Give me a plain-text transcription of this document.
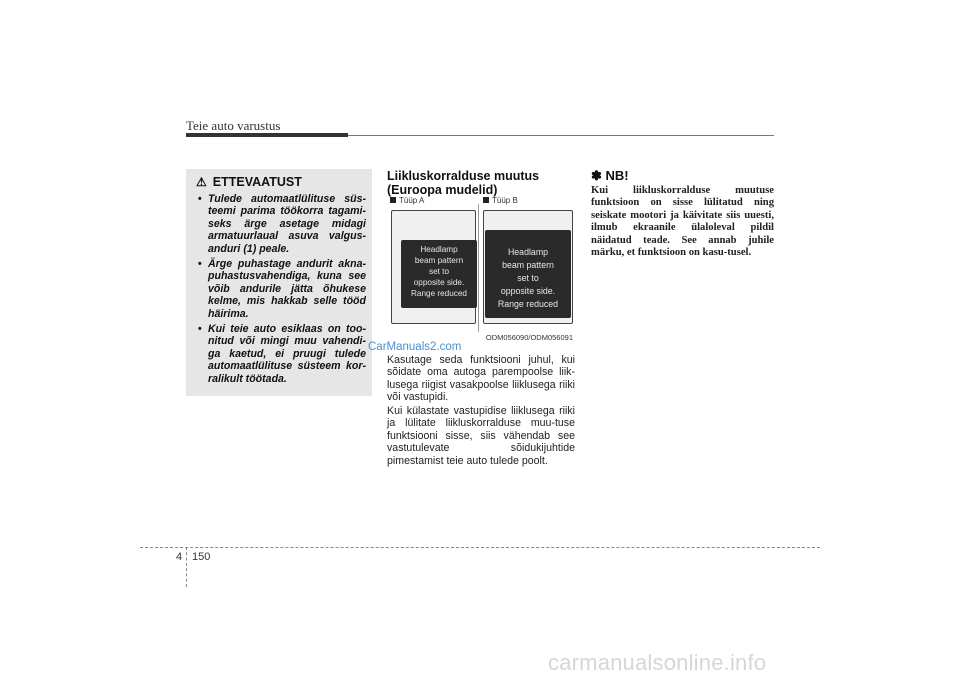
Teie auto varustus
⚠ ETTEVAATUST
• Tulede automaatlülituse süs-teemi parima töökorra tagami-seks ärge asetage midagi armatuurlaual asuva valgus-anduri (1) peale.
• Ärge puhastage andurit akna-puhastusvahendiga, kuna see võib andurile jätta õhukese kelme, mis hakkab selle tööd häirima.
• Kui teie auto esiklaas on too-nitud või mingi muu vahendi-ga kaetud, ei pruugi tulede automaatlülituse süsteem kor-ralikult töötada.
Liikluskorralduse muutus (Euroopa mudelid)
Tüüp A	Tüüp B
Headlamp
beam pattern
set to
opposite side.
Range reduced
Headlamp
beam pattern
set to
opposite side.
Range reduced
ODM056090/ODM056091
CarManuals2.com
Kasutage seda funktsiooni juhul, kui sõidate oma autoga parempoolse liik-lusega riigist vasakpoolse liiklusega riiki või vastupidi.
Kui külastate vastupidise liiklusega riiki ja lülitate liikluskorralduse muu-tuse funktsiooni sisse, siis vähendab see vastutulevate sõidukijuhtide pimestamist teie auto tulede poolt.
✽ NB!
Kui liikluskorralduse muutuse funktsioon on sisse lülitatud ning seiskate mootori ja käivitate siis uuesti, ilmub ekraanile ülaloleval pildil näidatud teade. See annab juhile märku, et funktsioon on kasu-tusel.
4 150
carmanualsonline.info
